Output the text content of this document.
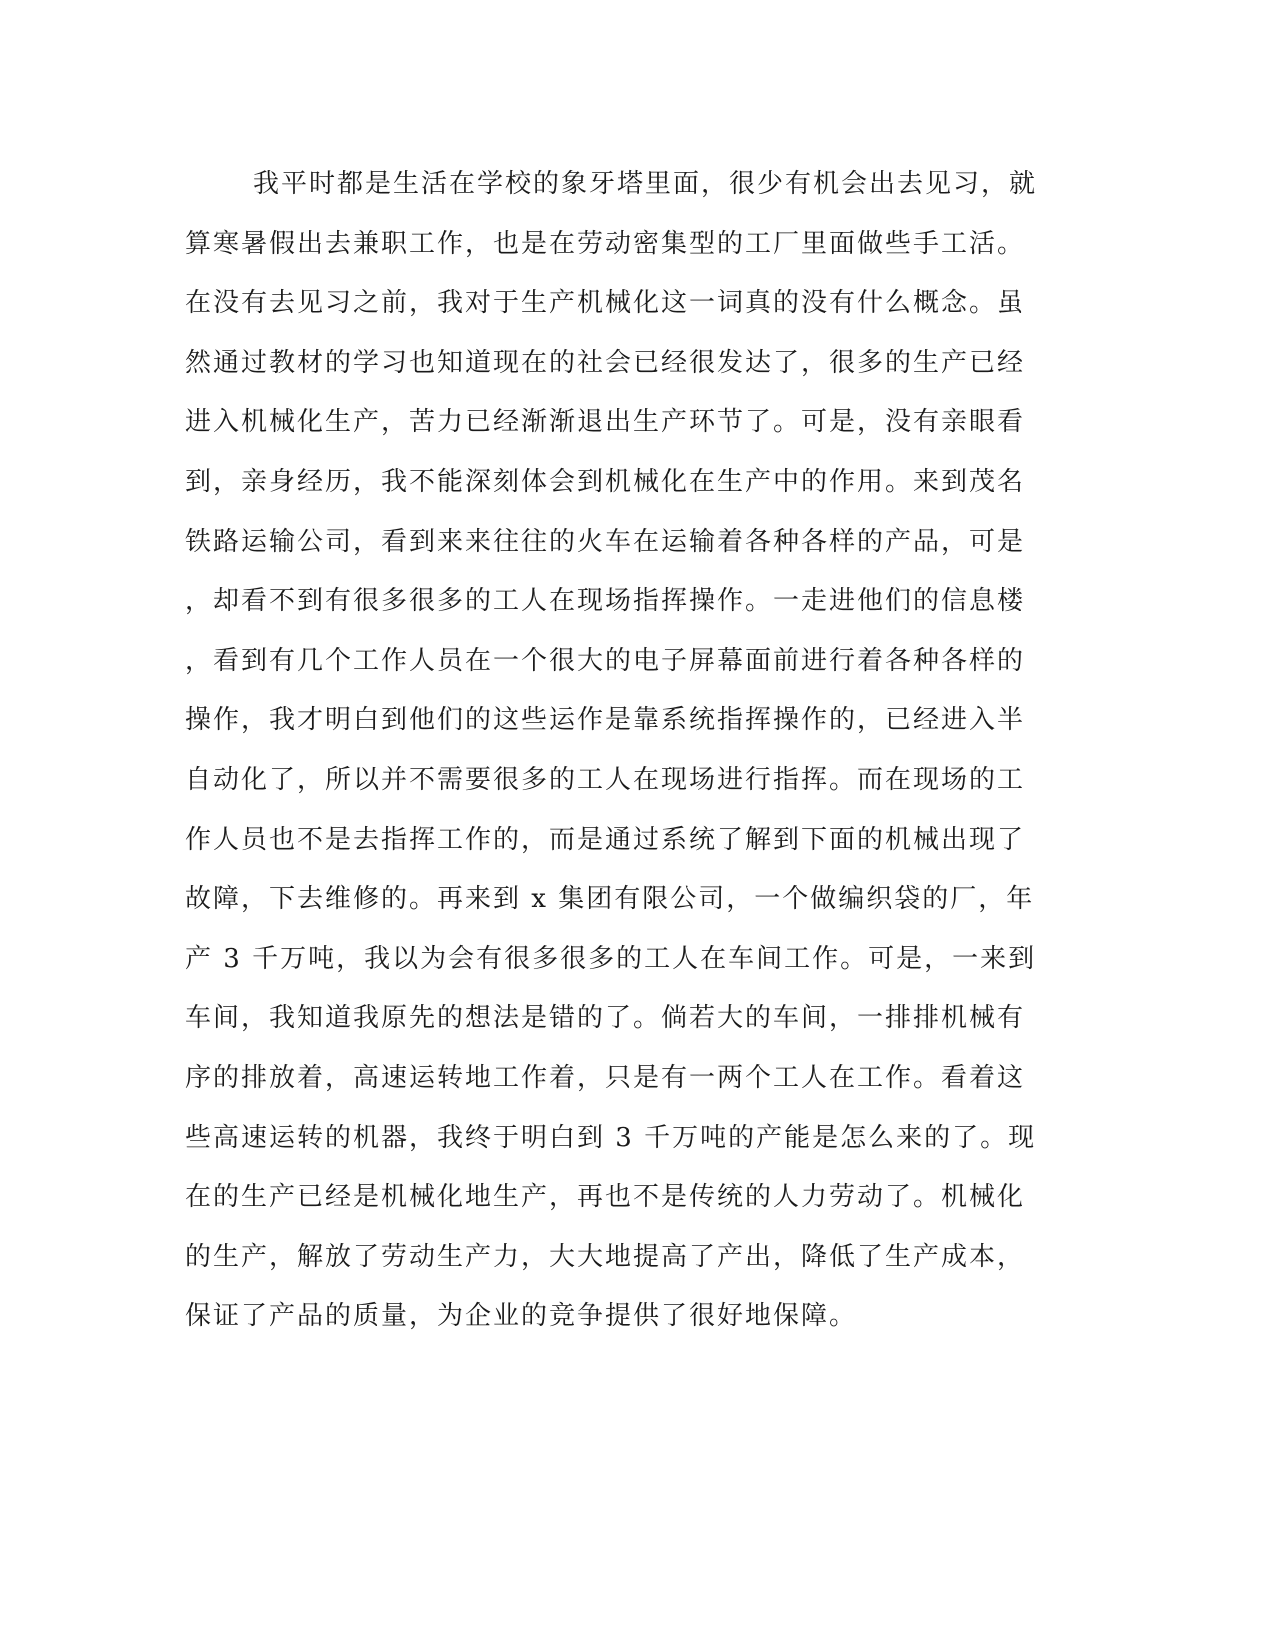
我平时都是生活在学校的象牙塔里面，很少有机会出去见习，就
算寒暑假出去兼职工作，也是在劳动密集型的工厂里面做些手工活。
在没有去见习之前，我对于生产机械化这一词真的没有什么概念。虽
然通过教材的学习也知道现在的社会已经很发达了，很多的生产已经
进入机械化生产，苦力已经渐渐退出生产环节了。可是，没有亲眼看
到，亲身经历，我不能深刻体会到机械化在生产中的作用。来到茂名
铁路运输公司，看到来来往往的火车在运输着各种各样的产品，可是
，却看不到有很多很多的工人在现场指挥操作。一走进他们的信息楼
，看到有几个工作人员在一个很大的电子屏幕面前进行着各种各样的
操作，我才明白到他们的这些运作是靠系统指挥操作的，已经进入半
自动化了，所以并不需要很多的工人在现场进行指挥。而在现场的工
作人员也不是去指挥工作的，而是通过系统了解到下面的机械出现了
故障，下去维修的。再来到 x 集团有限公司，一个做编织袋的厂，年
产 3 千万吨，我以为会有很多很多的工人在车间工作。可是，一来到
车间，我知道我原先的想法是错的了。倘若大的车间，一排排机械有
序的排放着，高速运转地工作着，只是有一两个工人在工作。看着这
些高速运转的机器，我终于明白到 3 千万吨的产能是怎么来的了。现
在的生产已经是机械化地生产，再也不是传统的人力劳动了。机械化
的生产，解放了劳动生产力，大大地提高了产出，降低了生产成本，
保证了产品的质量，为企业的竞争提供了很好地保障。
